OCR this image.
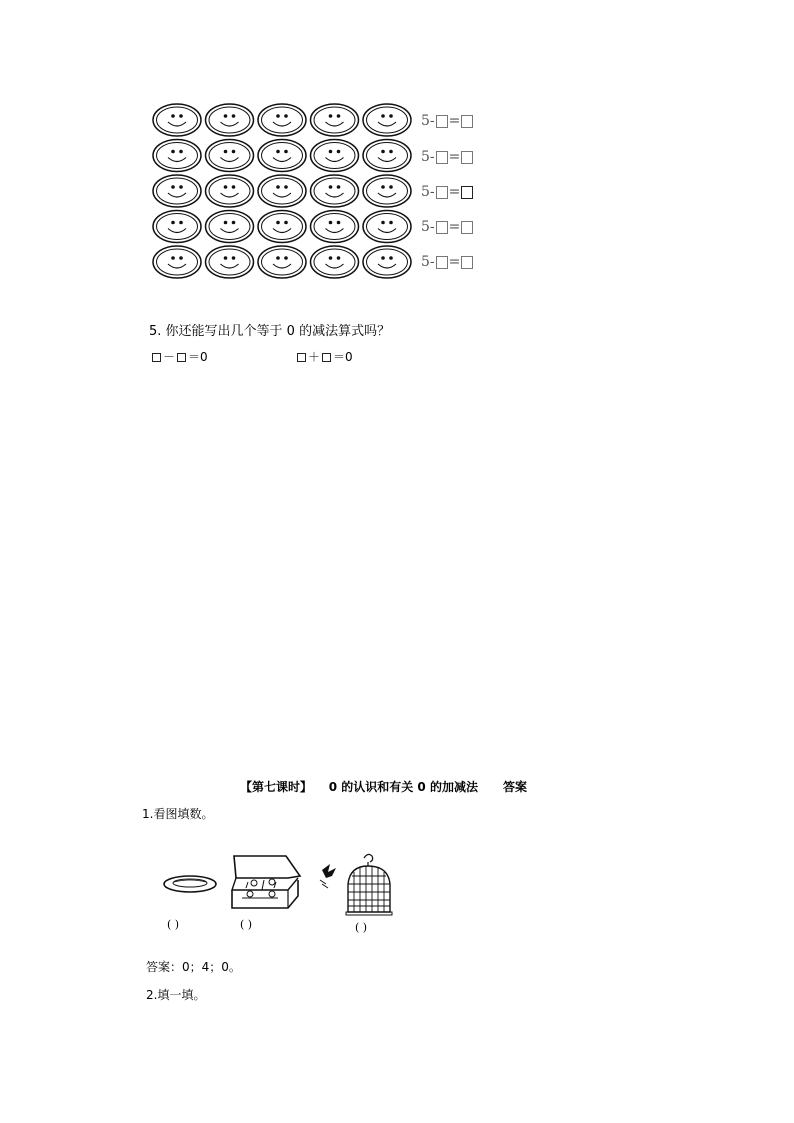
5- =
5- =
5- =
5- =
5- =
5. 你还能写出几个等于 0 的减法算式吗？
－ ＝0	＋ ＝0
【第七课时】    0 的认识和有关 0 的加减法      答案
1.看图填数。
( )	( )	( )
答案：0；4；0。
2.填一填。
